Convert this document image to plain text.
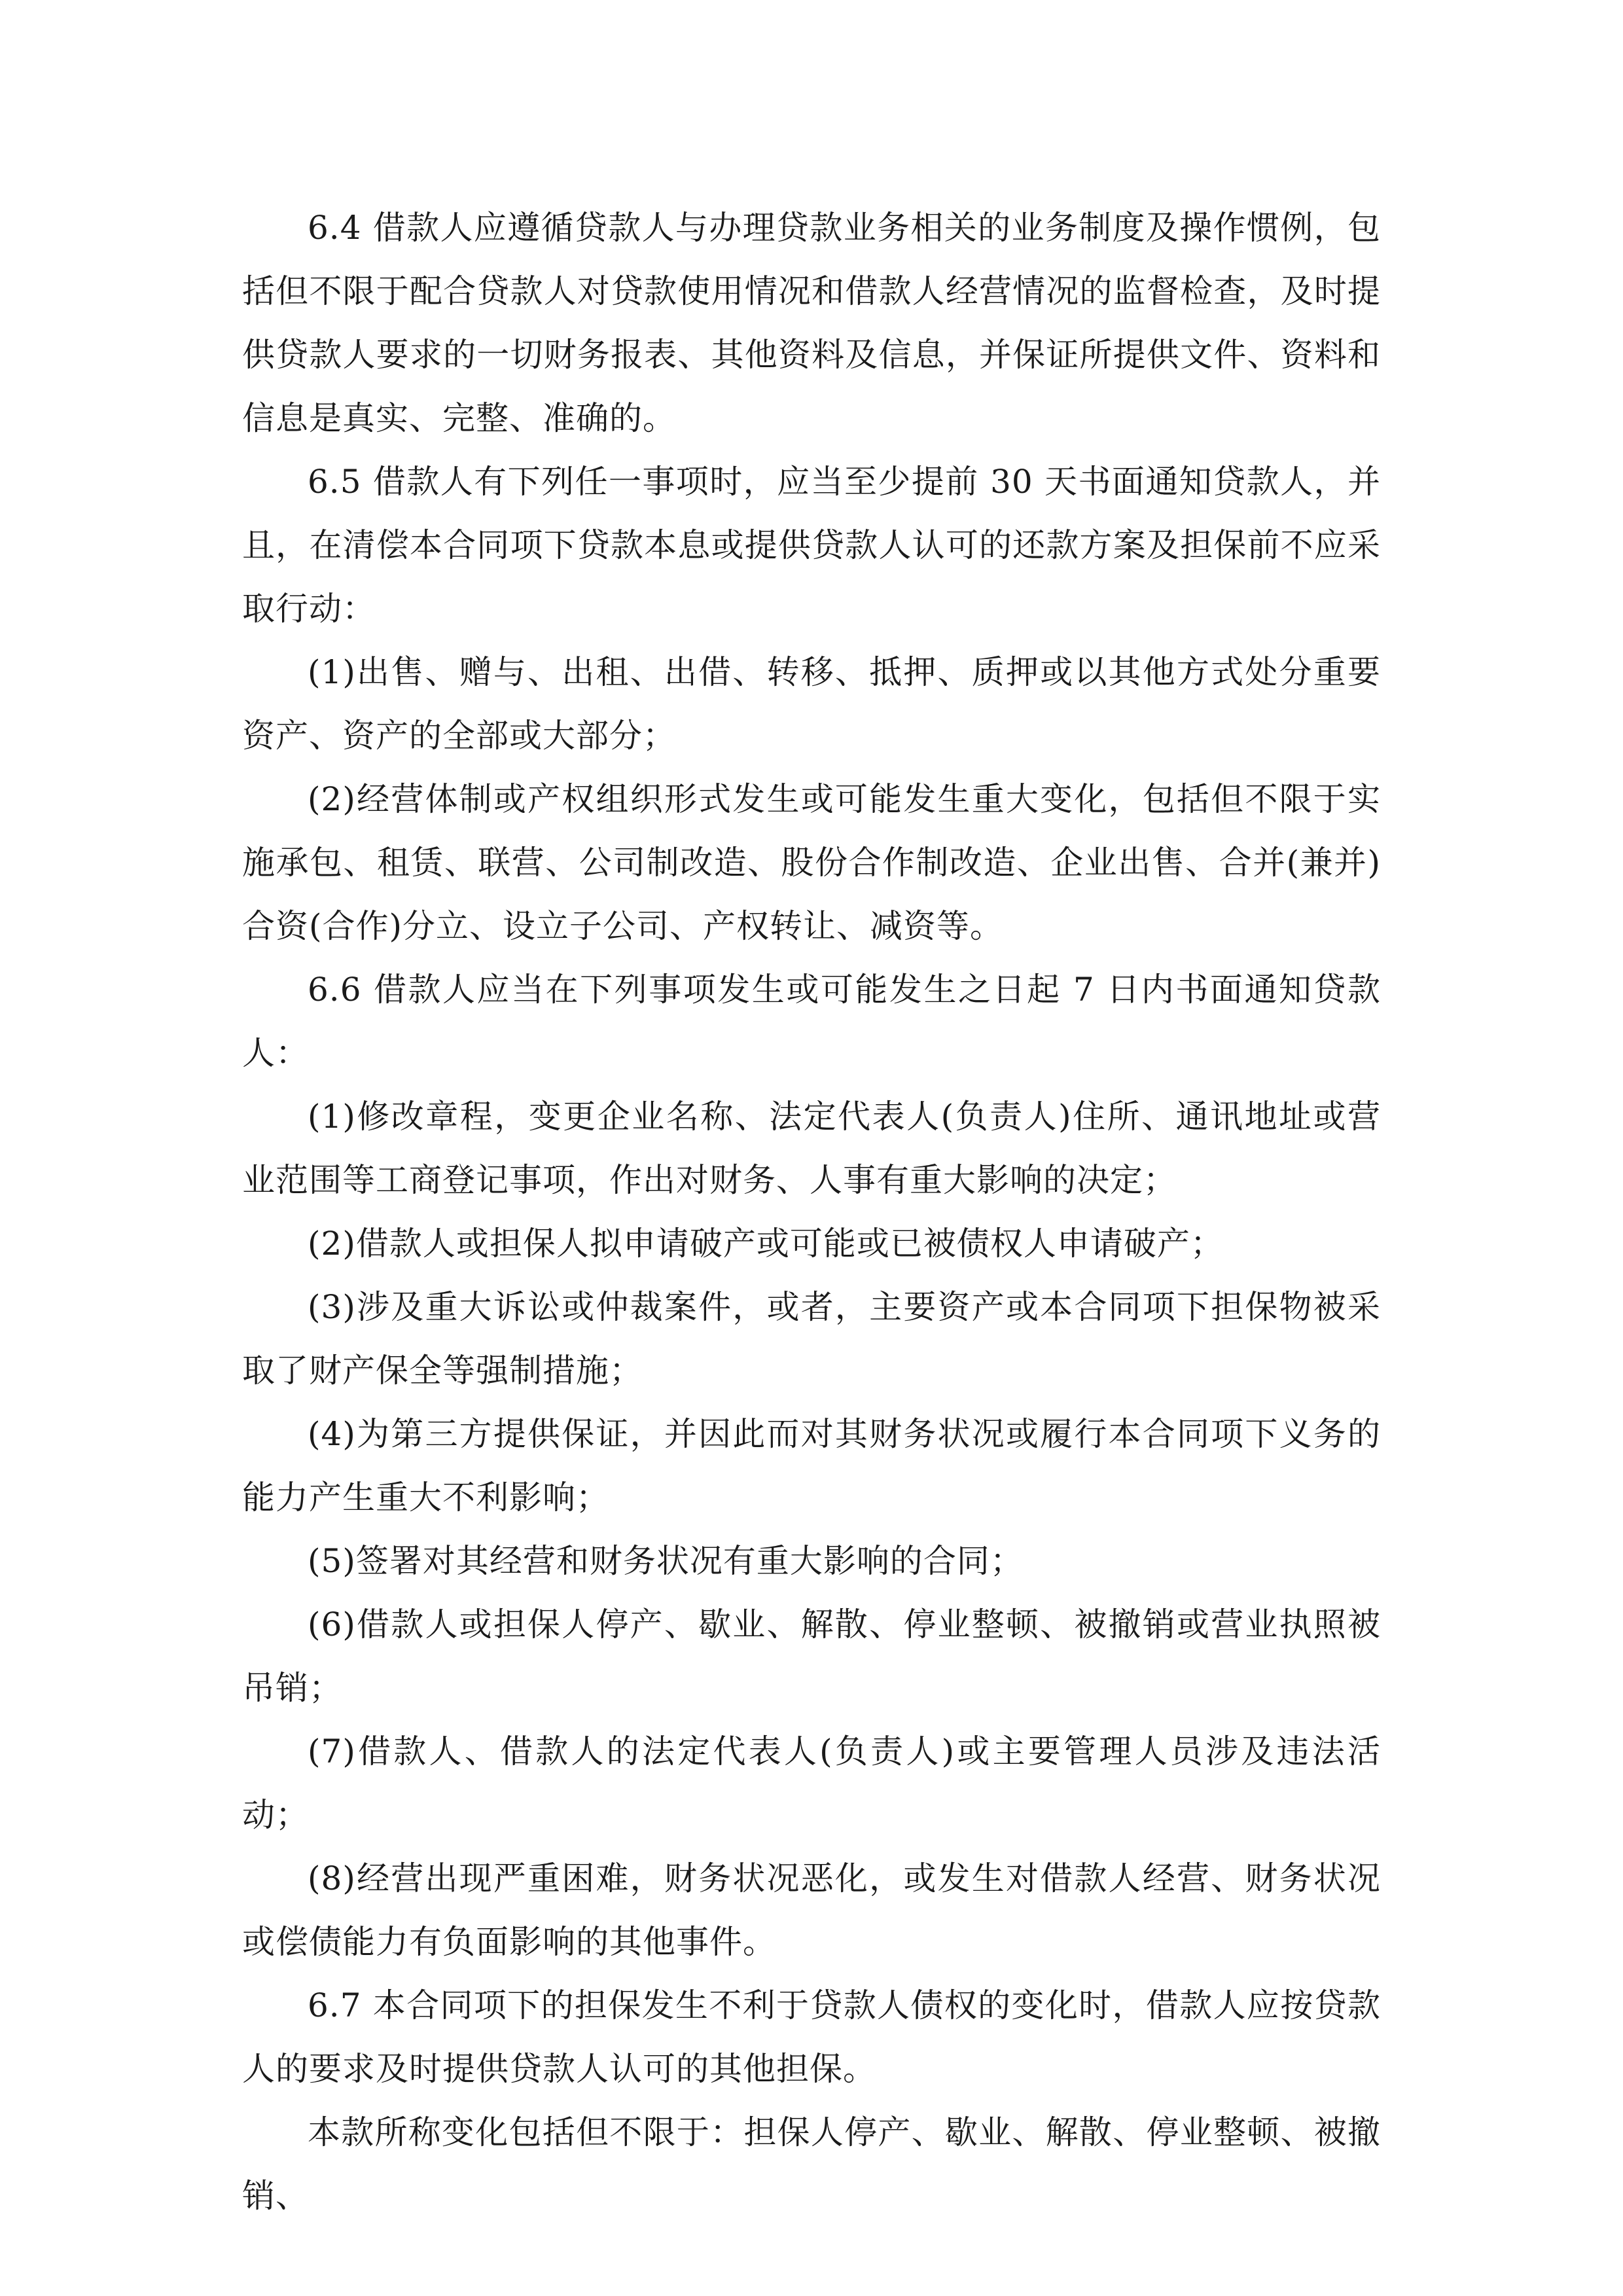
6.4 借款人应遵循贷款人与办理贷款业务相关的业务制度及操作惯例，包括但不限于配合贷款人对贷款使用情况和借款人经营情况的监督检查，及时提供贷款人要求的一切财务报表、其他资料及信息，并保证所提供文件、资料和信息是真实、完整、准确的。

6.5 借款人有下列任一事项时，应当至少提前 30 天书面通知贷款人，并且，在清偿本合同项下贷款本息或提供贷款人认可的还款方案及担保前不应采取行动：

(1)出售、赠与、出租、出借、转移、抵押、质押或以其他方式处分重要资产、资产的全部或大部分；

(2)经营体制或产权组织形式发生或可能发生重大变化，包括但不限于实施承包、租赁、联营、公司制改造、股份合作制改造、企业出售、合并(兼并)合资(合作)分立、设立子公司、产权转让、减资等。

6.6 借款人应当在下列事项发生或可能发生之日起 7 日内书面通知贷款人：

(1)修改章程，变更企业名称、法定代表人(负责人)住所、通讯地址或营业范围等工商登记事项，作出对财务、人事有重大影响的决定；

(2)借款人或担保人拟申请破产或可能或已被债权人申请破产；

(3)涉及重大诉讼或仲裁案件，或者，主要资产或本合同项下担保物被采取了财产保全等强制措施；

(4)为第三方提供保证，并因此而对其财务状况或履行本合同项下义务的能力产生重大不利影响；

(5)签署对其经营和财务状况有重大影响的合同；

(6)借款人或担保人停产、歇业、解散、停业整顿、被撤销或营业执照被吊销；

(7)借款人、借款人的法定代表人(负责人)或主要管理人员涉及违法活动；

(8)经营出现严重困难，财务状况恶化，或发生对借款人经营、财务状况或偿债能力有负面影响的其他事件。

6.7 本合同项下的担保发生不利于贷款人债权的变化时，借款人应按贷款人的要求及时提供贷款人认可的其他担保。

本款所称变化包括但不限于：担保人停产、歇业、解散、停业整顿、被撤销、
